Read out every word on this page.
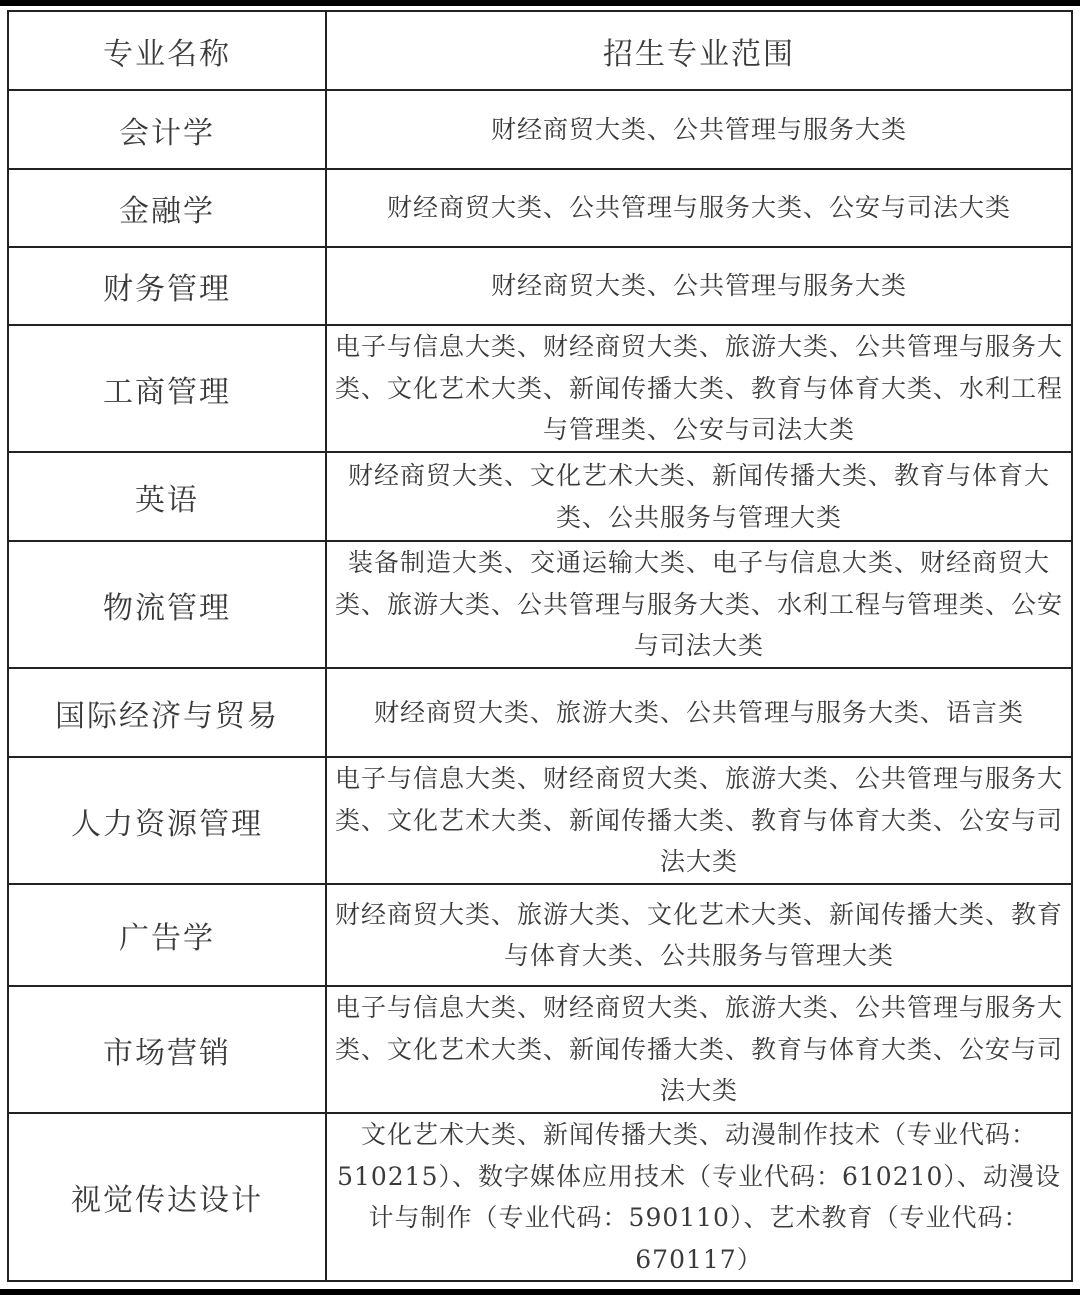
专业名称	招生专业范围
会计学	财经商贸大类、公共管理与服务大类
金融学	财经商贸大类、公共管理与服务大类、公安与司法大类
财务管理	财经商贸大类、公共管理与服务大类
工商管理	电子与信息大类、财经商贸大类、旅游大类、公共管理与服务大类、文化艺术大类、新闻传播大类、教育与体育大类、水利工程与管理类、公安与司法大类
英语	财经商贸大类、文化艺术大类、新闻传播大类、教育与体育大类、公共服务与管理大类
物流管理	装备制造大类、交通运输大类、电子与信息大类、财经商贸大类、旅游大类、公共管理与服务大类、水利工程与管理类、公安与司法大类
国际经济与贸易	财经商贸大类、旅游大类、公共管理与服务大类、语言类
人力资源管理	电子与信息大类、财经商贸大类、旅游大类、公共管理与服务大类、文化艺术大类、新闻传播大类、教育与体育大类、公安与司法大类
广告学	财经商贸大类、旅游大类、文化艺术大类、新闻传播大类、教育与体育大类、公共服务与管理大类
市场营销	电子与信息大类、财经商贸大类、旅游大类、公共管理与服务大类、文化艺术大类、新闻传播大类、教育与体育大类、公安与司法大类
视觉传达设计	文化艺术大类、新闻传播大类、动漫制作技术（专业代码：510215）、数字媒体应用技术（专业代码：610210）、动漫设计与制作（专业代码：590110）、艺术教育（专业代码：670117）
